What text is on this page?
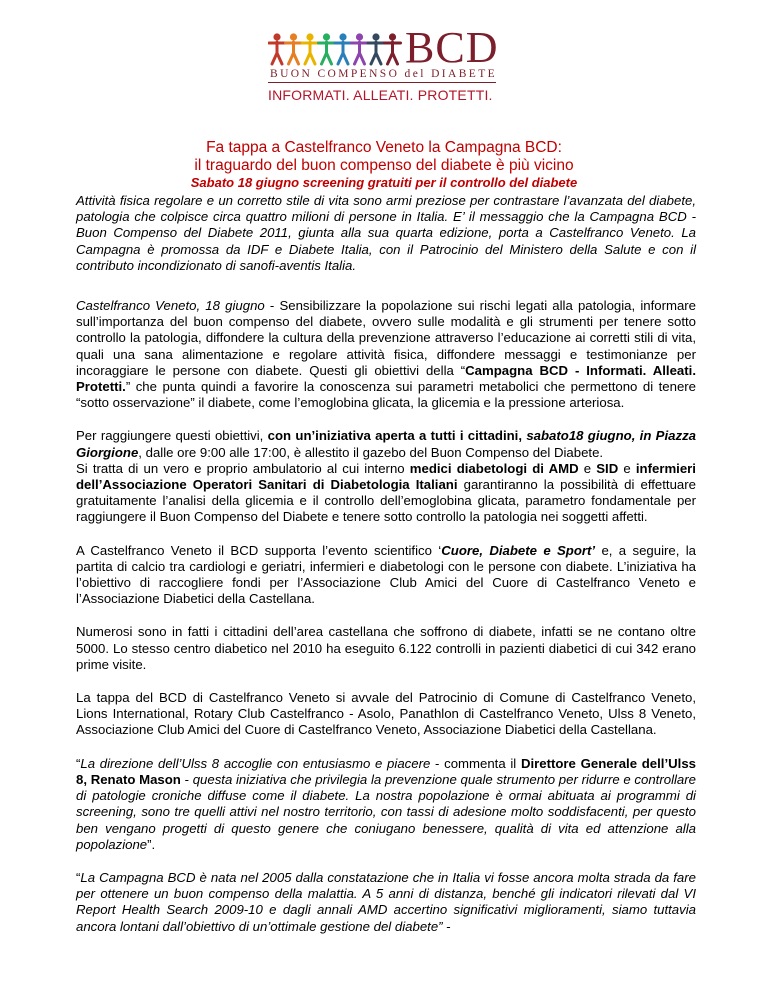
BCD
BUON COMPENSO del DIABETE
INFORMATI. ALLEATI. PROTETTI.

Fa tappa a Castelfranco Veneto la Campagna BCD:

il traguardo del buon compenso del diabete è più vicino

Sabato 18 giugno screening gratuiti per il controllo del diabete

Attività fisica regolare e un corretto stile di vita sono armi preziose per contrastare l’avanzata del diabete, patologia che colpisce circa quattro milioni di persone in Italia. E’ il messaggio che la Campagna BCD - Buon Compenso del Diabete 2011, giunta alla sua quarta edizione, porta a Castelfranco Veneto. La Campagna è promossa da IDF e Diabete Italia, con il Patrocinio del Ministero della Salute e con il contributo incondizionato di sanofi-aventis Italia.

Castelfranco Veneto, 18 giugno - Sensibilizzare la popolazione sui rischi legati alla patologia, informare sull’importanza del buon compenso del diabete, ovvero sulle modalità e gli strumenti per tenere sotto controllo la patologia, diffondere la cultura della prevenzione attraverso l’educazione ai corretti stili di vita, quali una sana alimentazione e regolare attività fisica, diffondere messaggi e testimonianze per incoraggiare le persone con diabete. Questi gli obiettivi della “Campagna BCD - Informati. Alleati. Protetti.” che punta quindi a favorire la conoscenza sui parametri metabolici che permettono di tenere “sotto osservazione” il diabete, come l’emoglobina glicata, la glicemia e la pressione arteriosa.

Per raggiungere questi obiettivi, con un’iniziativa aperta a tutti i cittadini, sabato18 giugno, in Piazza Giorgione, dalle ore 9:00 alle 17:00, è allestito il gazebo del Buon Compenso del Diabete.
Si tratta di un vero e proprio ambulatorio al cui interno medici diabetologi di AMD e SID e infermieri dell’Associazione Operatori Sanitari di Diabetologia Italiani garantiranno la possibilità di effettuare gratuitamente l’analisi della glicemia e il controllo dell’emoglobina glicata, parametro fondamentale per raggiungere il Buon Compenso del Diabete e tenere sotto controllo la patologia nei soggetti affetti.

A Castelfranco Veneto il BCD supporta l’evento scientifico ‘Cuore, Diabete e Sport’ e, a seguire, la partita di calcio tra cardiologi e geriatri, infermieri e diabetologi con le persone con diabete. L’iniziativa ha l’obiettivo di raccogliere fondi per l’Associazione Club Amici del Cuore di Castelfranco Veneto e l’Associazione Diabetici della Castellana.

Numerosi sono in fatti i cittadini dell’area castellana che soffrono di diabete, infatti se ne contano oltre 5000. Lo stesso centro diabetico nel 2010 ha eseguito 6.122 controlli in pazienti diabetici di cui 342 erano prime visite.

La tappa del BCD di Castelfranco Veneto si avvale del Patrocinio di Comune di Castelfranco Veneto, Lions International, Rotary Club Castelfranco - Asolo, Panathlon di Castelfranco Veneto, Ulss 8 Veneto, Associazione Club Amici del Cuore di Castelfranco Veneto, Associazione Diabetici della Castellana.

“La direzione dell’Ulss 8 accoglie con entusiasmo e piacere - commenta il Direttore Generale dell’Ulss 8, Renato Mason - questa iniziativa che privilegia la prevenzione quale strumento per ridurre e controllare di patologie croniche diffuse come il diabete. La nostra popolazione è ormai abituata ai programmi di screening, sono tre quelli attivi nel nostro territorio, con tassi di adesione molto soddisfacenti, per questo ben vengano progetti di questo genere che coniugano benessere, qualità di vita ed attenzione alla popolazione”.

“La Campagna BCD è nata nel 2005 dalla constatazione che in Italia vi fosse ancora molta strada da fare per ottenere un buon compenso della malattia. A 5 anni di distanza, benché gli indicatori rilevati dal VI Report Health Search 2009-10 e dagli annali AMD accertino significativi miglioramenti, siamo tuttavia ancora lontani dall’obiettivo di un’ottimale gestione del diabete” -
